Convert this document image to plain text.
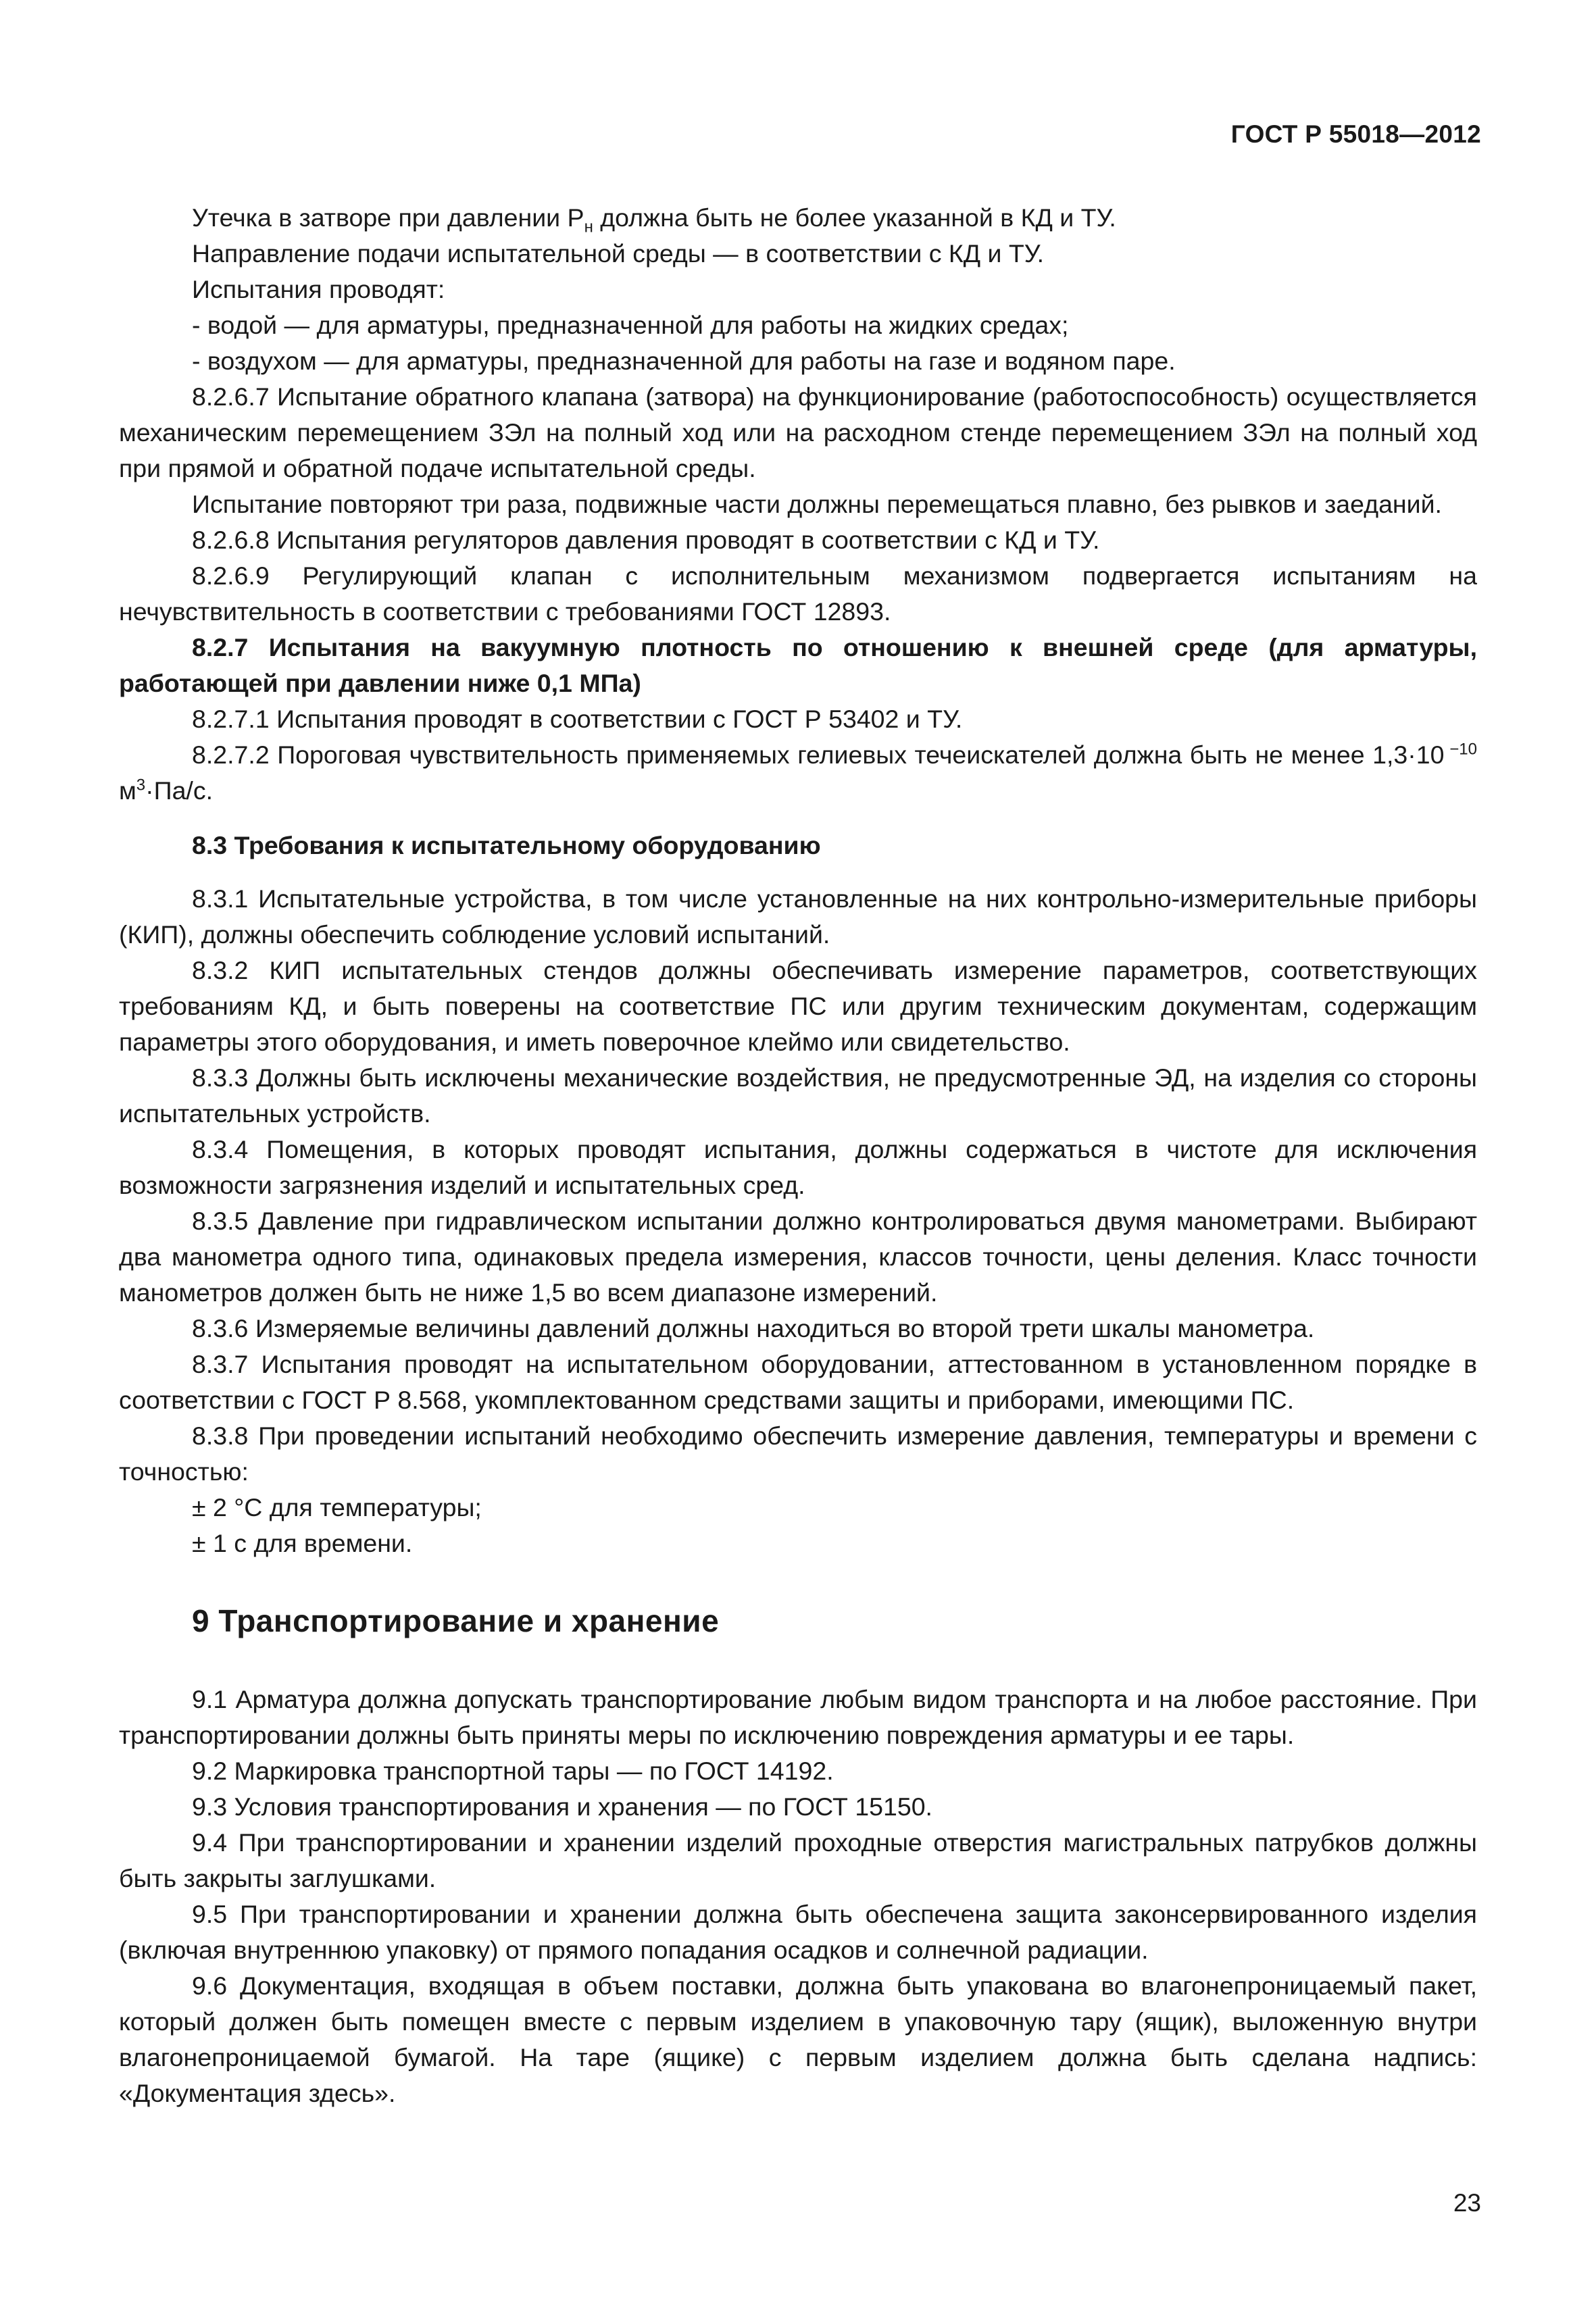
ГОСТ Р 55018—2012

Утечка в затворе при давлении $Р_н$ должна быть не более указанной в КД и ТУ.

Направление подачи испытательной среды — в соответствии с КД и ТУ.

Испытания проводят:

- водой — для арматуры, предназначенной для работы на жидких средах;

- воздухом — для арматуры, предназначенной для работы на газе и водяном паре.

8.2.6.7 Испытание обратного клапана (затвора) на функционирование (работоспособность) осуществляется механическим перемещением ЗЭл на полный ход или на расходном стенде перемещением ЗЭл на полный ход при прямой и обратной подаче испытательной среды.

Испытание повторяют три раза, подвижные части должны перемещаться плавно, без рывков и заеданий.

8.2.6.8 Испытания регуляторов давления проводят в соответствии с КД и ТУ.

8.2.6.9 Регулирующий клапан с исполнительным механизмом подвергается испытаниям на нечувствительность в соответствии с требованиями ГОСТ 12893.

8.2.7 Испытания на вакуумную плотность по отношению к внешней среде (для арматуры, работающей при давлении ниже 0,1 МПа)

8.2.7.1 Испытания проводят в соответствии с ГОСТ Р 53402 и ТУ.

8.2.7.2 Пороговая чувствительность применяемых гелиевых течеискателей должна быть не менее 1,3·10 $^{-10}$ $м^3\cdot Па/с$.

8.3 Требования к испытательному оборудованию

8.3.1 Испытательные устройства, в том числе установленные на них контрольно-измерительные приборы (КИП), должны обеспечить соблюдение условий испытаний.

8.3.2 КИП испытательных стендов должны обеспечивать измерение параметров, соответствующих требованиям КД, и быть поверены на соответствие ПС или другим техническим документам, содержащим параметры этого оборудования, и иметь поверочное клеймо или свидетельство.

8.3.3 Должны быть исключены механические воздействия, не предусмотренные ЭД, на изделия со стороны испытательных устройств.

8.3.4 Помещения, в которых проводят испытания, должны содержаться в чистоте для исключения возможности загрязнения изделий и испытательных сред.

8.3.5 Давление при гидравлическом испытании должно контролироваться двумя манометрами. Выбирают два манометра одного типа, одинаковых предела измерения, классов точности, цены деления. Класс точности манометров должен быть не ниже 1,5 во всем диапазоне измерений.

8.3.6 Измеряемые величины давлений должны находиться во второй трети шкалы манометра.

8.3.7 Испытания проводят на испытательном оборудовании, аттестованном в установленном порядке в соответствии с ГОСТ Р 8.568, укомплектованном средствами защиты и приборами, имеющими ПС.

8.3.8 При проведении испытаний необходимо обеспечить измерение давления, температуры и времени с точностью:

± 2 °С для температуры;

± 1 с для времени.

9 Транспортирование и хранение

9.1 Арматура должна допускать транспортирование любым видом транспорта и на любое расстояние. При транспортировании должны быть приняты меры по исключению повреждения арматуры и ее тары.

9.2 Маркировка транспортной тары — по ГОСТ 14192.

9.3 Условия транспортирования и хранения — по ГОСТ 15150.

9.4 При транспортировании и хранении изделий проходные отверстия магистральных патрубков должны быть закрыты заглушками.

9.5 При транспортировании и хранении должна быть обеспечена защита законсервированного изделия (включая внутреннюю упаковку) от прямого попадания осадков и солнечной радиации.

9.6 Документация, входящая в объем поставки, должна быть упакована во влагонепроницаемый пакет, который должен быть помещен вместе с первым изделием в упаковочную тару (ящик), выложенную внутри влагонепроницаемой бумагой. На таре (ящике) с первым изделием должна быть сделана надпись: «Документация здесь».

23
